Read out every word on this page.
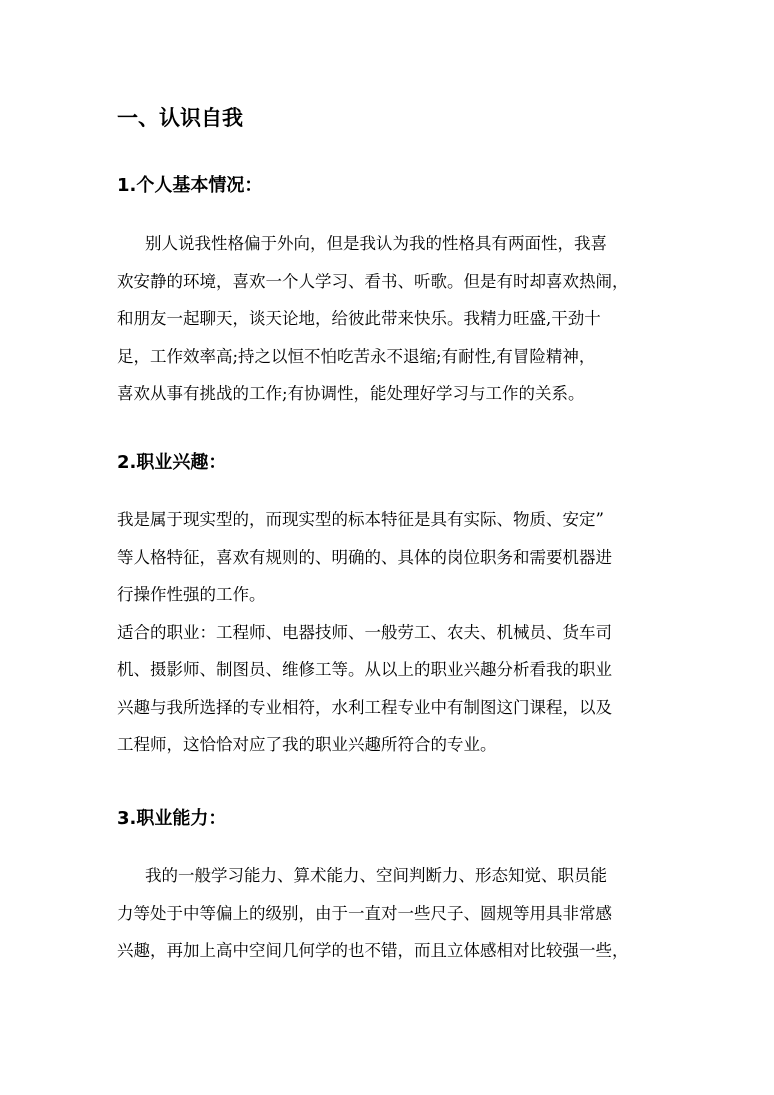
一、认识自我
1.个人基本情况：

别人说我性格偏于外向，但是我认为我的性格具有两面性，我喜
欢安静的环境，喜欢一个人学习、看书、听歌。但是有时却喜欢热闹，
和朋友一起聊天，谈天论地，给彼此带来快乐。我精力旺盛,干劲十
足，工作效率高;持之以恒不怕吃苦永不退缩;有耐性,有冒险精神，
喜欢从事有挑战的工作;有协调性，能处理好学习与工作的关系。

2.职业兴趣：

我是属于现实型的，而现实型的标本特征是具有实际、物质、安定”
等人格特征，喜欢有规则的、明确的、具体的岗位职务和需要机器进
行操作性强的工作。
适合的职业：工程师、电器技师、一般劳工、农夫、机械员、货车司
机、摄影师、制图员、维修工等。从以上的职业兴趣分析看我的职业
兴趣与我所选择的专业相符，水利工程专业中有制图这门课程，以及
工程师，这恰恰对应了我的职业兴趣所符合的专业。

3.职业能力：

我的一般学习能力、算术能力、空间判断力、形态知觉、职员能
力等处于中等偏上的级别，由于一直对一些尺子、圆规等用具非常感
兴趣，再加上高中空间几何学的也不错，而且立体感相对比较强一些，
